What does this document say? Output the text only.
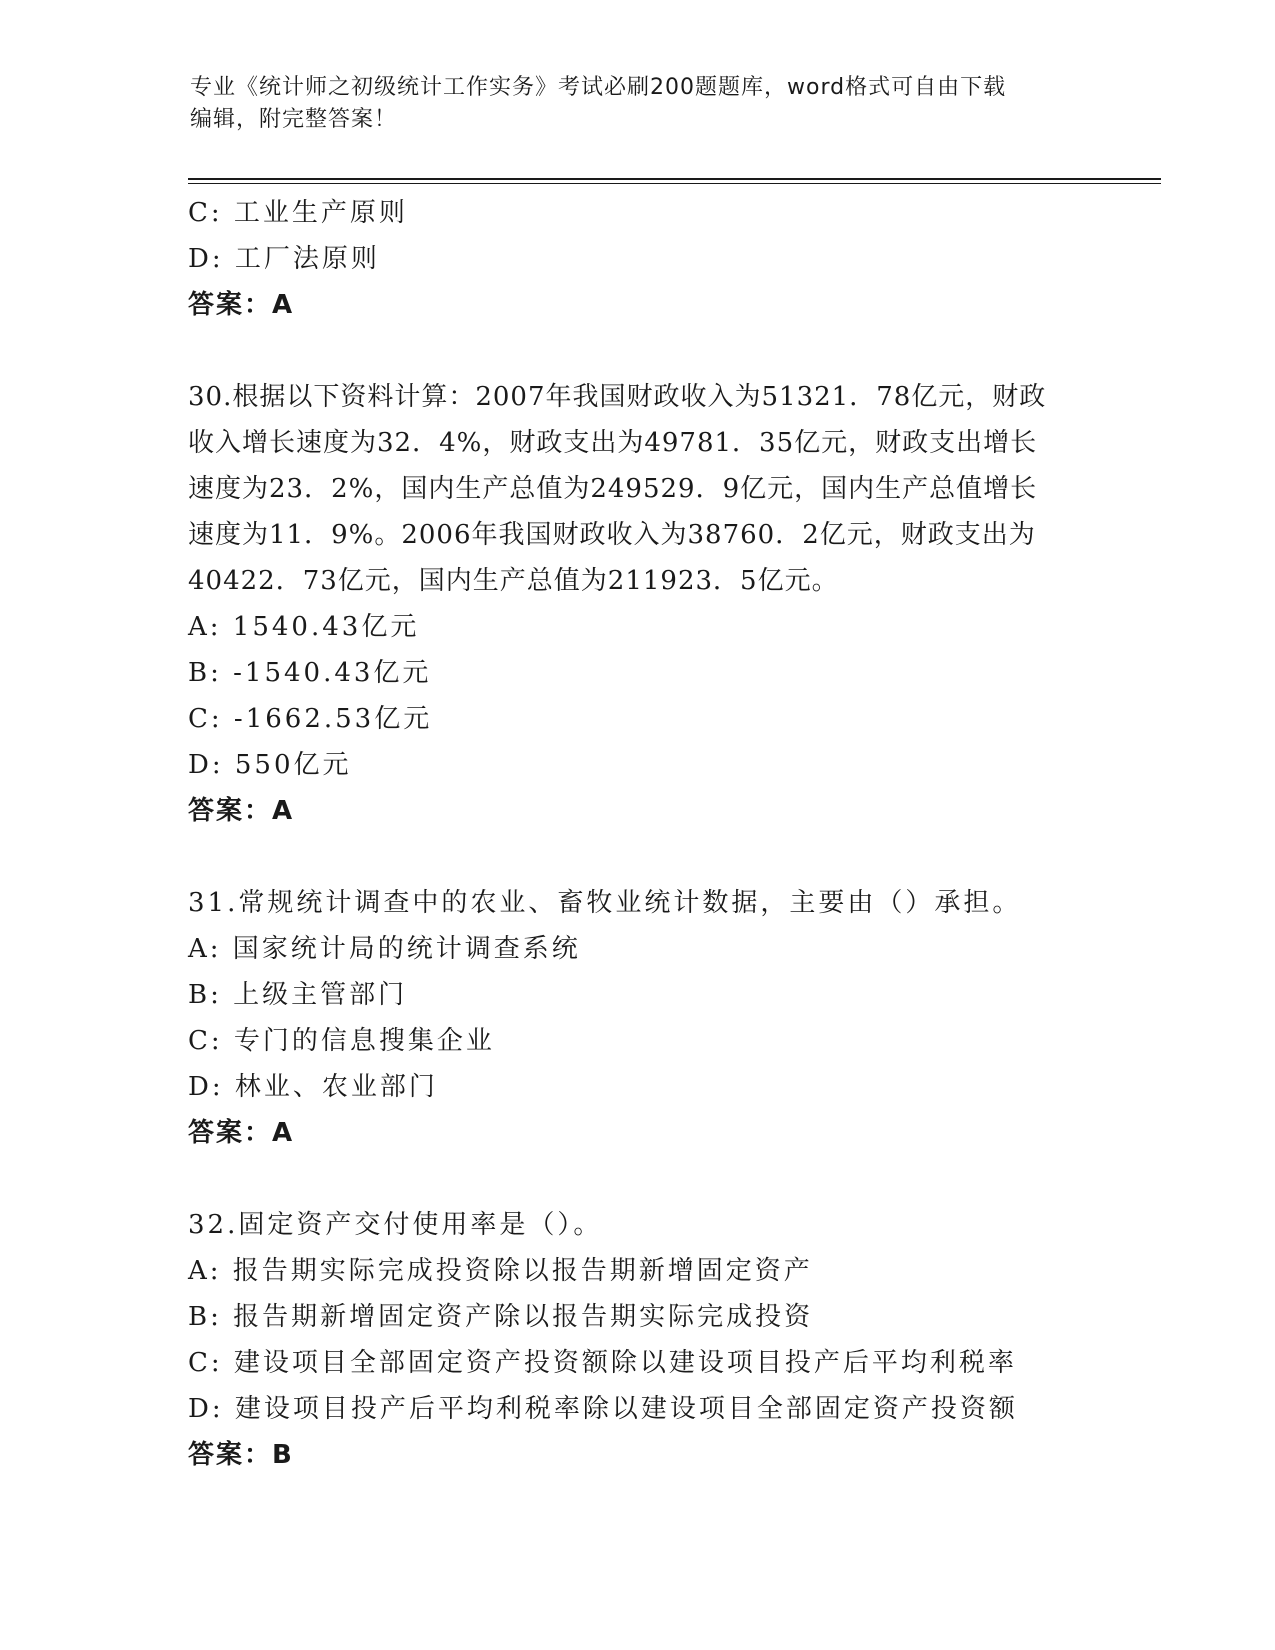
专业《统计师之初级统计工作实务》考试必刷200题题库，word格式可自由下载
编辑，附完整答案！
C: 工业生产原则
D: 工厂法原则
答案：A
30.根据以下资料计算：2007年我国财政收入为51321．78亿元，财政
收入增长速度为32．4%，财政支出为49781．35亿元，财政支出增长
速度为23．2%，国内生产总值为249529．9亿元，国内生产总值增长
速度为11．9%。2006年我国财政收入为38760．2亿元，财政支出为
40422．73亿元，国内生产总值为211923．5亿元。
A: 1540.43亿元
B: -1540.43亿元
C: -1662.53亿元
D: 550亿元
答案：A
31.常规统计调查中的农业、畜牧业统计数据，主要由（）承担。
A: 国家统计局的统计调查系统
B: 上级主管部门
C: 专门的信息搜集企业
D: 林业、农业部门
答案：A
32.固定资产交付使用率是（）。
A: 报告期实际完成投资除以报告期新增固定资产
B: 报告期新增固定资产除以报告期实际完成投资
C: 建设项目全部固定资产投资额除以建设项目投产后平均利税率
D: 建设项目投产后平均利税率除以建设项目全部固定资产投资额
答案：B
